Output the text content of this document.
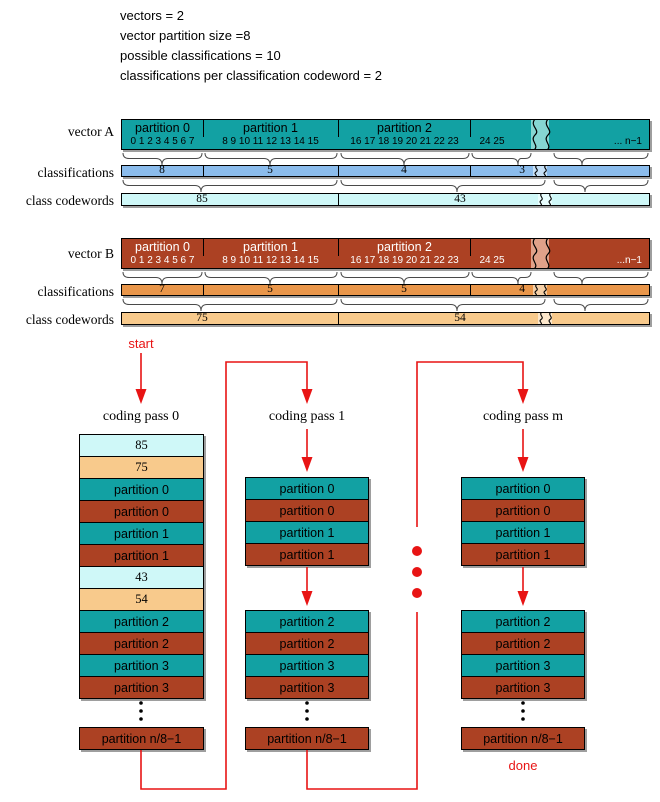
vectors = 2
vector partition size =8
possible classifications = 10
classifications per classification codeword = 2
vector A
classifications
class codewords
partition 0	partition 1	partition 2
0 1 2 3 4 5 6 7	8 9 10 11 12 13 14 15	16 17 18 19 20 21 22 23	24 25	... n−1
8	5	4	3
85	43
vector B
classifications
class codewords
partition 0	partition 1	partition 2
0 1 2 3 4 5 6 7	8 9 10 11 12 13 14 15	16 17 18 19 20 21 22 23	24 25	...n−1
7	5	5	4
75	54
start
done
coding pass 0	coding pass 1	coding pass m
85
75
partition 0
partition 0
partition 1
partition 1
43
54
partition 2
partition 2
partition 3
partition 3
partition n/8−1
partition 0
partition 0
partition 1
partition 1
partition 2
partition 2
partition 3
partition 3
partition n/8−1
partition 0
partition 0
partition 1
partition 1
partition 2
partition 2
partition 3
partition 3
partition n/8−1
